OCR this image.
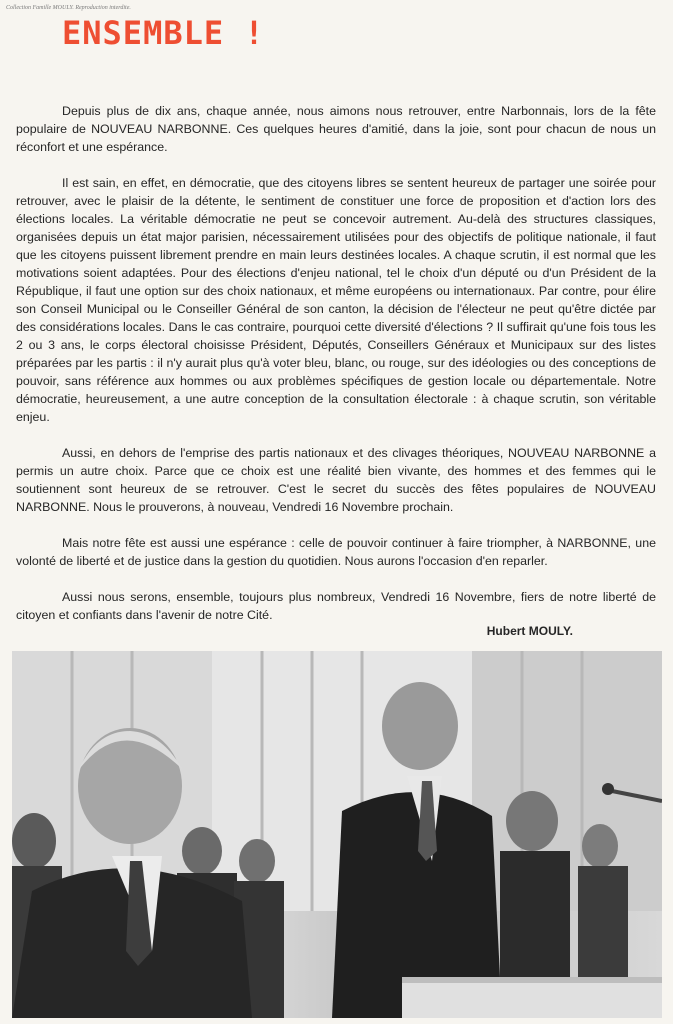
Collection Famille MOULY. Reproduction interdite.
ENSEMBLE !

Depuis plus de dix ans, chaque année, nous aimons nous retrouver, entre Narbonnais, lors de la fête populaire de NOUVEAU NARBONNE. Ces quelques heures d'amitié, dans la joie, sont pour chacun de nous un réconfort et une espérance.

Il est sain, en effet, en démocratie, que des citoyens libres se sentent heureux de partager une soirée pour retrouver, avec le plaisir de la détente, le sentiment de constituer une force de proposition et d'action lors des élections locales. La véritable démocratie ne peut se concevoir autrement. Au-delà des structures classiques, organisées depuis un état major parisien, nécessairement utilisées pour des objectifs de politique nationale, il faut que les citoyens puissent librement prendre en main leurs destinées locales. A chaque scrutin, il est normal que les motivations soient adaptées. Pour des élections d'enjeu national, tel le choix d'un député ou d'un Président de la République, il faut une option sur des choix nationaux, et même européens ou internationaux. Par contre, pour élire son Conseil Municipal ou le Conseiller Général de son canton, la décision de l'électeur ne peut qu'être dictée par des considérations locales. Dans le cas contraire, pourquoi cette diversité d'élections ? Il suffirait qu'une fois tous les 2 ou 3 ans, le corps électoral choisisse Président, Députés, Conseillers Généraux et Municipaux sur des listes préparées par les partis : il n'y aurait plus qu'à voter bleu, blanc, ou rouge, sur des idéologies ou des conceptions de pouvoir, sans référence aux hommes ou aux problèmes spécifiques de gestion locale ou départementale. Notre démocratie, heureusement, a une autre conception de la consultation électorale : à chaque scrutin, son véritable enjeu.

Aussi, en dehors de l'emprise des partis nationaux et des clivages théoriques, NOUVEAU NARBONNE a permis un autre choix. Parce que ce choix est une réalité bien vivante, des hommes et des femmes qui le soutiennent sont heureux de se retrouver. C'est le secret du succès des fêtes populaires de NOUVEAU NARBONNE. Nous le prouverons, à nouveau, Vendredi 16 Novembre prochain.

Mais notre fête est aussi une espérance : celle de pouvoir continuer à faire triompher, à NARBONNE, une volonté de liberté et de justice dans la gestion du quotidien. Nous aurons l'occasion d'en reparler.

Aussi nous serons, ensemble, toujours plus nombreux, Vendredi 16 Novembre, fiers de notre liberté de citoyen et confiants dans l'avenir de notre Cité.

Hubert MOULY.
